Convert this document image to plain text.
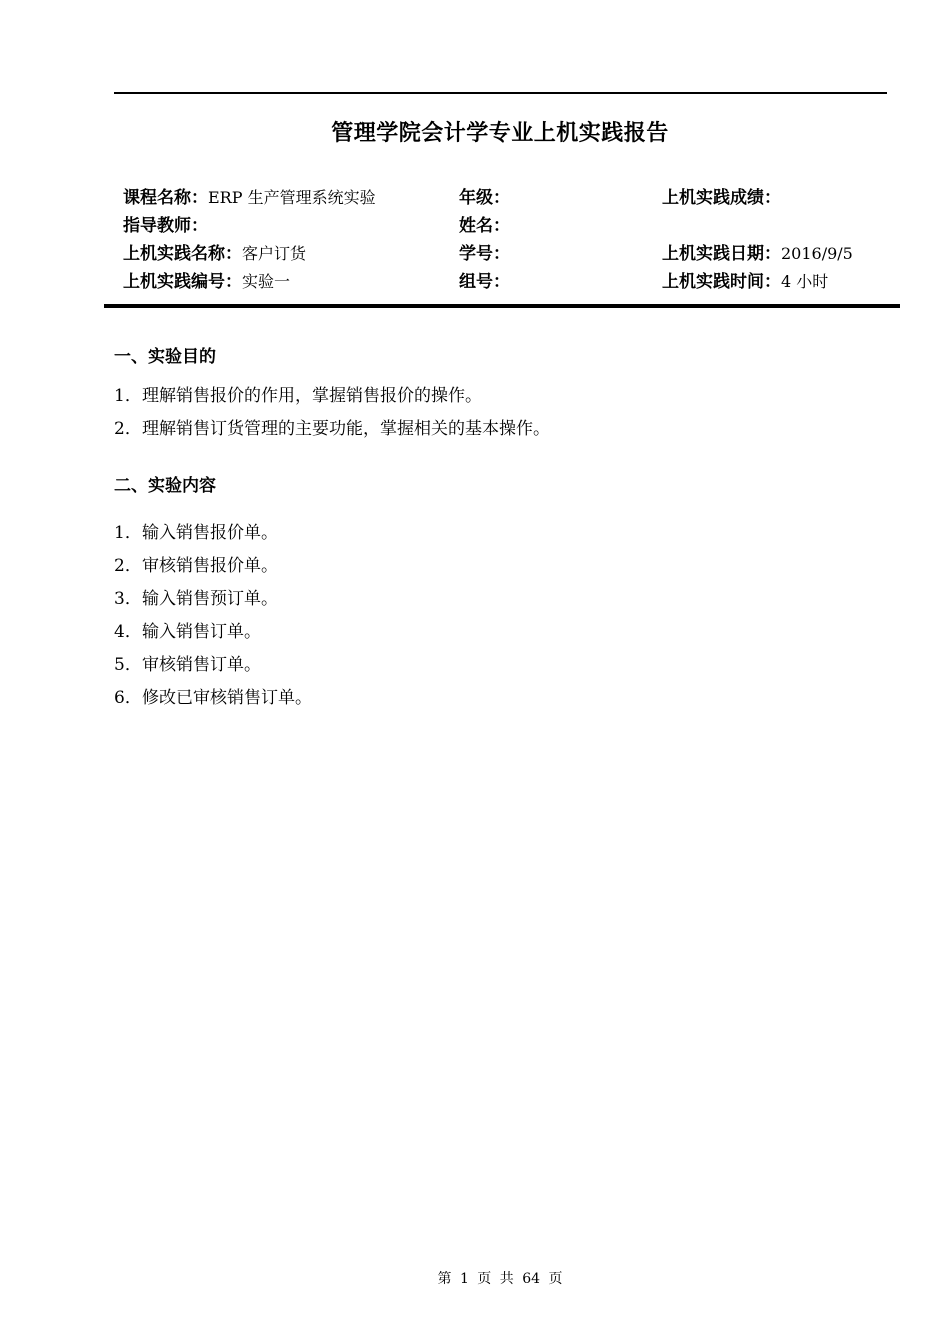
管理学院会计学专业上机实践报告
课程名称：ERP 生产管理系统实验	年级：	上机实践成绩：
指导教师：	姓名：
上机实践名称：客户订货	学号：	上机实践日期：2016/9/5
上机实践编号：实验一	组号：	上机实践时间：4 小时
一、实验目的
1．理解销售报价的作用，掌握销售报价的操作。
2．理解销售订货管理的主要功能，掌握相关的基本操作。
二、实验内容
1．输入销售报价单。
2．审核销售报价单。
3．输入销售预订单。
4．输入销售订单。
5．审核销售订单。
6．修改已审核销售订单。
第 1 页 共 64 页
